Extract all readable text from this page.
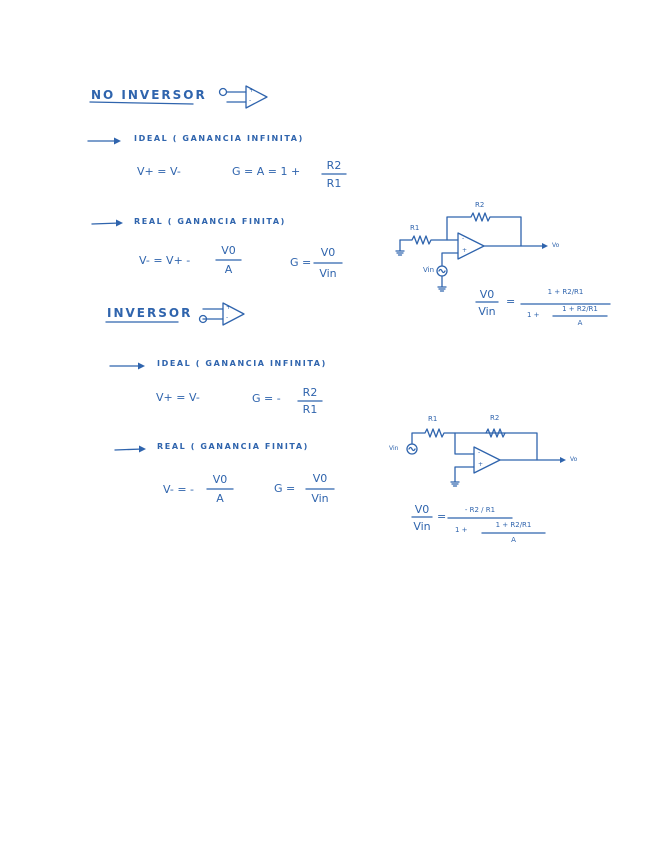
NO INVERSOR	+
-
IDEAL ( GANANCIA INFINITA)
V+ = V-	G = A = 1 +	R2
R1
REAL ( GANANCIA FINITA)
V- = V+ -
V0
A
G =
V0
Vin
R2
R1
-
+
Vo
Vin
V0
Vin
=
1 + R2/R1
1 +
1 + R2/R1
A
INVERSOR	+
-
IDEAL ( GANANCIA INFINITA)
V+ = V-	G = -	R2
R1
REAL ( GANANCIA FINITA)
V- = -
V0
A
G =
V0
Vin
R1	R2
Vin
-
+
Vo
V0
Vin
=	- R2 / R1
1 +
1 + R2/R1
A
